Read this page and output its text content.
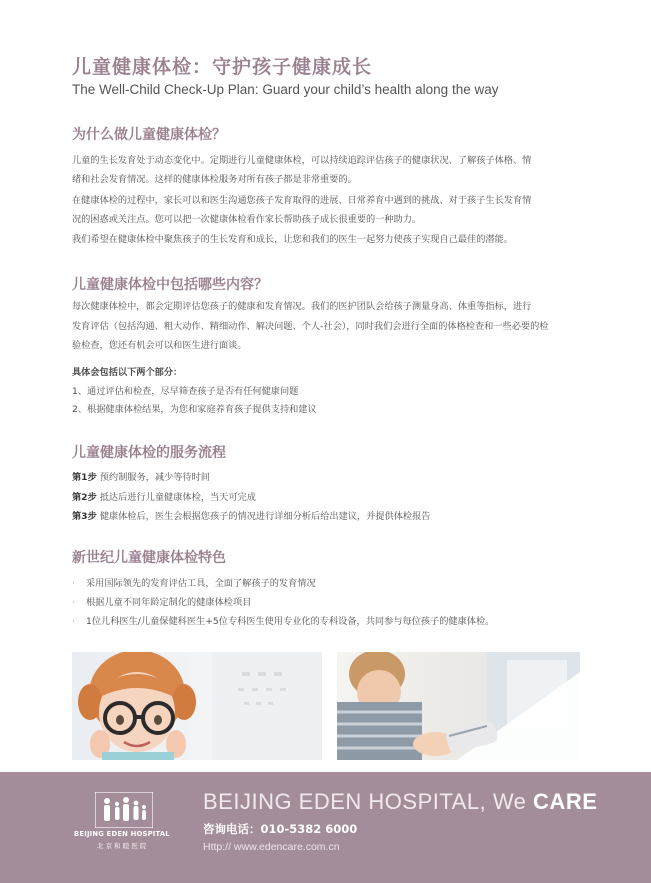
儿童健康体检：守护孩子健康成长
The Well-Child Check-Up Plan: Guard your child’s health along the way
为什么做儿童健康体检？
儿童的生长发育处于动态变化中。定期进行儿童健康体检，可以持续追踪评估孩子的健康状况、了解孩子体格、情
绪和社会发育情况。这样的健康体检服务对所有孩子都是非常重要的。
在健康体检的过程中，家长可以和医生沟通您孩子发育取得的进展、日常养育中遇到的挑战、对于孩子生长发育情
况的困惑或关注点。您可以把一次健康体检看作家长帮助孩子成长很重要的一种助力。
我们希望在健康体检中聚焦孩子的生长发育和成长，让您和我们的医生一起努力使孩子实现自己最佳的潜能。
儿童健康体检中包括哪些内容？
每次健康体检中，都会定期评估您孩子的健康和发育情况。我们的医护团队会给孩子测量身高、体重等指标，进行
发育评估（包括沟通、粗大动作、精细动作、解决问题、个人-社会），同时我们会进行全面的体格检查和一些必要的检
验检查，您还有机会可以和医生进行面谈。
具体会包括以下两个部分：
1、通过评估和检查，尽早筛查孩子是否有任何健康问题
2、根据健康体检结果，为您和家庭养育孩子提供支持和建议
儿童健康体检的服务流程
第1步 预约制服务，减少等待时间
第2步 抵达后进行儿童健康体检，当天可完成
第3步 健康体检后，医生会根据您孩子的情况进行详细分析后给出建议，并提供体检报告
新世纪儿童健康体检特色
· 采用国际领先的发育评估工具，全面了解孩子的发育情况
· 根据儿童不同年龄定制化的健康体检项目
· 1位儿科医生/儿童保健科医生+5位专科医生使用专业化的专科设备，共同参与每位孩子的健康体检。
BEIJING EDEN HOSPITAL
北 京 和 睦 医 院
BEIJING EDEN HOSPITAL, We CARE
咨询电话：010-5382 6000
Http:// www.edencare.com.cn
